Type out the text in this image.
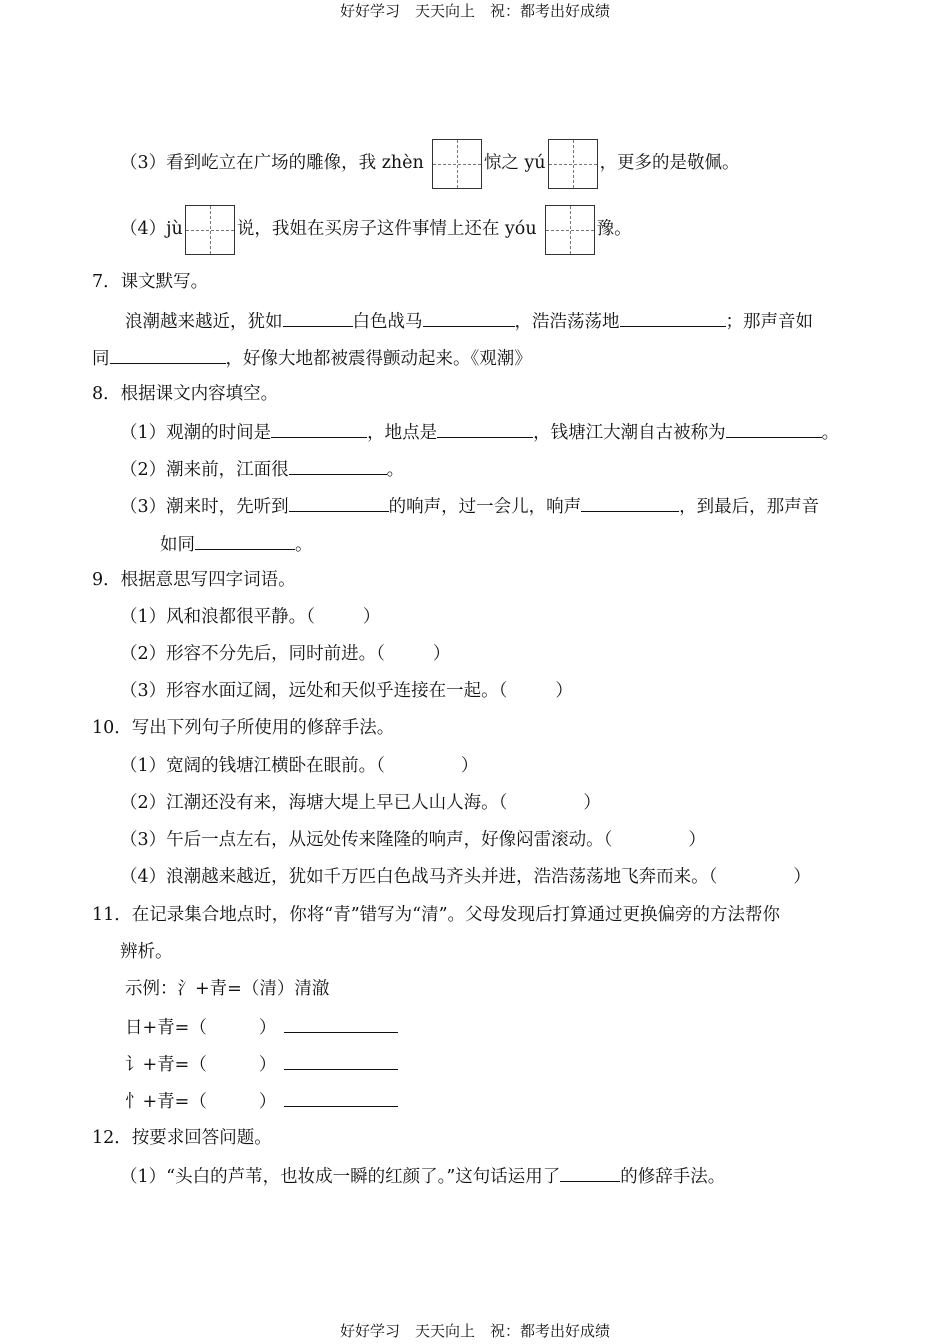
好好学习　天天向上　祝：都考出好成绩
（3）看到屹立在广场的雕像，我 zhèn	惊之 yú	，更多的是敬佩。
（4）jù	说，我姐在买房子这件事情上还在 yóu	豫。
7．课文默写。
浪潮越来越近，犹如	白色战马	，浩浩荡荡地	；那声音如
同	，好像大地都被震得颤动起来。《观潮》
8．根据课文内容填空。
（1）观潮的时间是	，地点是	，钱塘江大潮自古被称为	。
（2）潮来前，江面很	。
（3）潮来时，先听到	的响声，过一会儿，响声	，到最后，那声音
如同	。
9．根据意思写四字词语。
（1）风和浪都很平静。（	）
（2）形容不分先后，同时前进。（	）
（3）形容水面辽阔，远处和天似乎连接在一起。（	）
10．写出下列句子所使用的修辞手法。
（1）宽阔的钱塘江横卧在眼前。（	）
（2）江潮还没有来，海塘大堤上早已人山人海。（	）
（3）午后一点左右，从远处传来隆隆的响声，好像闷雷滚动。（	）
（4）浪潮越来越近，犹如千万匹白色战马齐头并进，浩浩荡荡地飞奔而来。（	）
11．在记录集合地点时，你将“青”错写为“清”。父母发现后打算通过更换偏旁的方法帮你
辨析。
示例：氵+青=（清）清澈
日+青=（	）
讠+青=（	）
忄+青=（	）
12．按要求回答问题。
（1）“头白的芦苇，也妆成一瞬的红颜了。”这句话运用了	的修辞手法。
好好学习　天天向上　祝：都考出好成绩
